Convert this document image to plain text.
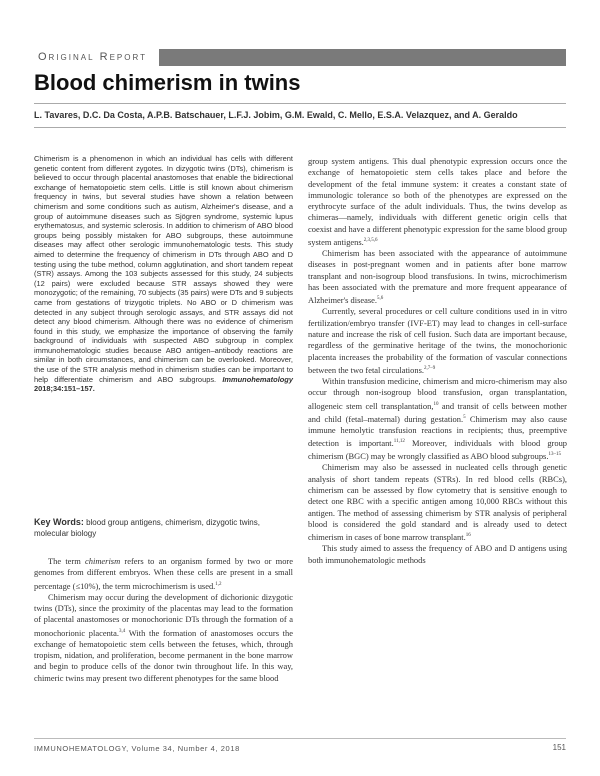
Original Report
Blood chimerism in twins
L. Tavares, D.C. Da Costa, A.P.B. Batschauer, L.F.J. Jobim, G.M. Ewald, C. Mello, E.S.A. Velazquez, and A. Geraldo
Chimerism is a phenomenon in which an individual has cells with different genetic content from different zygotes. In dizygotic twins (DTs), chimerism is believed to occur through placental anastomoses that enable the bidirectional exchange of hematopoietic stem cells. Little is still known about chimerism frequency in twins, but several studies have shown a relation between chimerism and some conditions such as autism, Alzheimer's disease, and a group of autoimmune diseases such as Sjögren syndrome, systemic lupus erythematosus, and systemic sclerosis. In addition to chimerism of ABO blood groups being possibly mistaken for ABO subgroups, these autoimmune diseases may affect other serologic immunohematologic tests. This study aimed to determine the frequency of chimerism in DTs through ABO and D testing using the tube method, column agglutination, and short tandem repeat (STR) assays. Among the 103 subjects assessed for this study, 24 subjects (12 pairs) were excluded because STR assays showed they were monozygotic; of the remaining, 70 subjects (35 pairs) were DTs and 9 subjects came from gestations of trizygotic triplets. No ABO or D chimerism was detected in any subject through serologic assays, and STR assays did not detect any blood chimerism. Although there was no evidence of chimerism found in this study, we emphasize the importance of observing the family background of individuals with suspected ABO subgroup in complex immunohematologic studies because ABO antigen–antibody reactions are similar in both circumstances, and chimerism can be overlooked. Moreover, the use of the STR analysis method in chimerism studies can be important to help differentiate chimerism and ABO subgroups. Immunohematology 2018;34:151–157.
Key Words: blood group antigens, chimerism, dizygotic twins, molecular biology

The term chimerism refers to an organism formed by two or more genomes from different embryos. When these cells are present in a small percentage (≤10%), the term microchimerism is used.$^{1,2}$

Chimerism may occur during the development of dichorionic dizygotic twins (DTs), since the proximity of the placentas may lead to the formation of placental anastomoses or monochorionic DTs through the formation of a monochorionic placenta.$^{3,4}$ With the formation of anastomoses occurs the exchange of hematopoietic stem cells between the fetuses, which, through tropism, nidation, and proliferation, become permanent in the bone marrow and begin to produce cells of the donor twin throughout life. In this way, chimeric twins may present two different phenotypes for the same blood

group system antigens. This dual phenotypic expression occurs once the exchange of hematopoietic stem cells takes place and before the development of the fetal immune system: it creates a constant state of immunologic tolerance so both of the phenotypes are expressed on the erythrocyte surface of the adult individuals. Thus, the twins develop as chimeras—namely, individuals with different genetic origin cells that coexist and have a different phenotypic expression for the same blood group system antigens.$^{2,3,5,6}$

Chimerism has been associated with the appearance of autoimmune diseases in post-pregnant women and in patients after bone marrow transplant and non-isogroup blood transfusions. In twins, microchimerism has been associated with the premature and more frequent appearance of Alzheimer's disease.$^{5,6}$

Currently, several procedures or cell culture conditions used in in vitro fertilization/embryo transfer (IVF-ET) may lead to changes in cell-surface nature and increase the risk of cell fusion. Such data are important because, regardless of the germinative heritage of the twins, the monochorionic placenta increases the probability of the formation of vascular connections between the two fetal circulations.$^{2,7-9}$

Within transfusion medicine, chimerism and micro-chimerism may also occur through non-isogroup blood transfusion, organ transplantation, allogeneic stem cell transplantation,$^{10}$ and transit of cells between mother and child (fetal–maternal) during gestation.$^5$ Chimerism may also cause immune hemolytic transfusion reactions in recipients; thus, preemptive detection is important.$^{11,12}$ Moreover, individuals with blood group chimerism (BGC) may be wrongly classified as ABO blood subgroups.$^{13-15}$

Chimerism may also be assessed in nucleated cells through genetic analysis of short tandem repeats (STRs). In red blood cells (RBCs), chimerism can be assessed by flow cytometry that is sensitive enough to detect one RBC with a specific antigen among 10,000 RBCs without this antigen. The method of assessing chimerism by STR analysis of peripheral blood is considered the gold standard and is already used to detect chimerism in cases of bone marrow transplant.$^{16}$

This study aimed to assess the frequency of ABO and D antigens using both immunohematologic methods

IMMUNOHEMATOLOGY, Volume 34, Number 4, 2018	151
